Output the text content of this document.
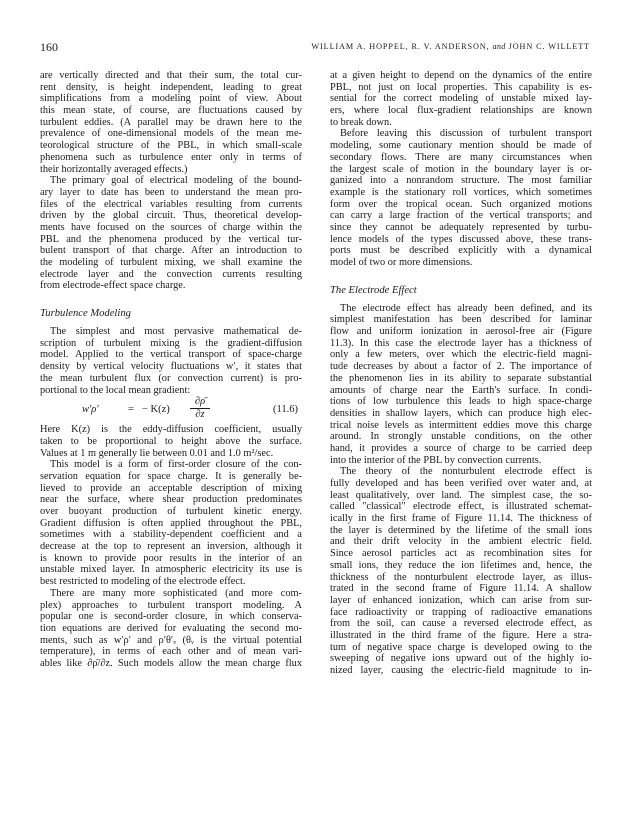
160	WILLIAM A. HOPPEL, R. V. ANDERSON, and JOHN C. WILLETT
are vertically directed and that their sum, the total cur-
rent density, is height independent, leading to great
simplifications from a modeling point of view. About
this mean state, of course, are fluctuations caused by
turbulent eddies. (A parallel may be drawn here to the
prevalence of one-dimensional models of the mean me-
teorological structure of the PBL, in which small-scale
phenomena such as turbulence enter only in terms of
their horizontally averaged effects.)
The primary goal of electrical modeling of the bound-
ary layer to date has been to understand the mean pro-
files of the electrical variables resulting from currents
driven by the global circuit. Thus, theoretical develop-
ments have focused on the sources of charge within the
PBL and the phenomena produced by the vertical tur-
bulent transport of that charge. After an introduction to
the modeling of turbulent mixing, we shall examine the
electrode layer and the convection currents resulting
from electrode-effect space charge.
Turbulence Modeling
The simplest and most pervasive mathematical de-
scription of turbulent mixing is the gradient-diffusion
model. Applied to the vertical transport of space-charge
density by vertical velocity fluctuations w′, it states that
the mean turbulent flux (or convection current) is pro-
portional to the local mean gradient:
w′ρ′	= − $K(z) \frac{\partial\rhō}{\partial z}$	(11.6)
Here K(z) is the eddy-diffusion coefficient, usually
taken to be proportional to height above the surface.
Values at 1 m generally lie between 0.01 and 1.0 m²/sec.
This model is a form of first-order closure of the con-
servation equation for space charge. It is generally be-
lieved to provide an acceptable description of mixing
near the surface, where shear production predominates
over buoyant production of turbulent kinetic energy.
Gradient diffusion is often applied throughout the PBL,
sometimes with a stability-dependent coefficient and a
decrease at the top to represent an inversion, although it
is known to provide poor results in the interior of an
unstable mixed layer. In atmospheric electricity its use is
best restricted to modeling of the electrode effect.
There are many more sophisticated (and more com-
plex) approaches to turbulent transport modeling. A
popular one is second-order closure, in which conserva-
tion equations are derived for evaluating the second mo-
ments, such as w′ρ′ and ρ′θ′ᵥ (θᵥ is the virtual potential
temperature), in terms of each other and of mean vari-
ables like ∂ρ̄/∂z. Such models allow the mean charge flux
at a given height to depend on the dynamics of the entire
PBL, not just on local properties. This capability is es-
sential for the correct modeling of unstable mixed lay-
ers, where local flux-gradient relationships are known
to break down.
Before leaving this discussion of turbulent transport
modeling, some cautionary mention should be made of
secondary flows. There are many circumstances when
the largest scale of motion in the boundary layer is or-
ganized into a nonrandom structure. The most familiar
example is the stationary roll vortices, which sometimes
form over the tropical ocean. Such organized motions
can carry a large fraction of the vertical transports; and
since they cannot be adequately represented by turbu-
lence models of the types discussed above, these trans-
ports must be described explicitly with a dynamical
model of two or more dimensions.
The Electrode Effect
The electrode effect has already been defined, and its
simplest manifestation has been described for laminar
flow and uniform ionization in aerosol-free air (Figure
11.3). In this case the electrode layer has a thickness of
only a few meters, over which the electric-field magni-
tude decreases by about a factor of 2. The importance of
the phenomenon lies in its ability to separate substantial
amounts of charge near the Earth's surface. In condi-
tions of low turbulence this leads to high space-charge
densities in shallow layers, which can produce high elec-
trical noise levels as intermittent eddies move this charge
around. In strongly unstable conditions, on the other
hand, it provides a source of charge to be carried deep
into the interior of the PBL by convection currents.
The theory of the nonturbulent electrode effect is
fully developed and has been verified over water and, at
least qualitatively, over land. The simplest case, the so-
called "classical" electrode effect, is illustrated schemat-
ically in the first frame of Figure 11.14. The thickness of
the layer is determined by the lifetime of the small ions
and their drift velocity in the ambient electric field.
Since aerosol particles act as recombination sites for
small ions, they reduce the ion lifetimes and, hence, the
thickness of the nonturbulent electrode layer, as illus-
trated in the second frame of Figure 11.14. A shallow
layer of enhanced ionization, which can arise from sur-
face radioactivity or trapping of radioactive emanations
from the soil, can cause a reversed electrode effect, as
illustrated in the third frame of the figure. Here a stra-
tum of negative space charge is developed owing to the
sweeping of negative ions upward out of the highly io-
nized layer, causing the electric-field magnitude to in-
